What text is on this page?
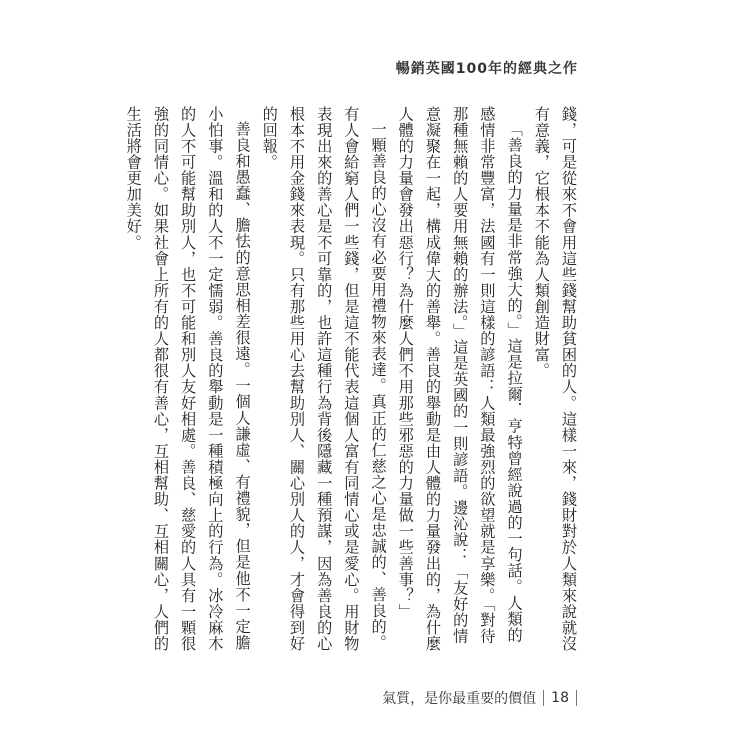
暢銷英國100年的經典之作

錢，可是從來不會用這些錢幫助貧困的人。這樣一來，錢財對於人類來說就沒有意義，它根本不能為人類創造財富。

「善良的力量是非常強大的。」這是拉爾．亨特曾經說過的一句話。人類的感情非常豐富，法國有一則這樣的諺語：人類最強烈的欲望就是享樂。「對待那種無賴的人要用無賴的辦法。」這是英國的一則諺語。邊沁說：「友好的情意凝聚在一起，構成偉大的善舉。善良的舉動是由人體的力量發出的，為什麼人體的力量會發出惡行？為什麼人們不用那些邪惡的力量做一些善事？」

一顆善良的心沒有必要用禮物來表達。真正的仁慈之心是忠誠的、善良的。有人會給窮人們一些錢，但是這不能代表這個人富有同情心或是愛心。用財物表現出來的善心是不可靠的，也許這種行為背後隱藏一種預謀，因為善良的心根本不用金錢來表現。只有那些用心去幫助別人、關心別人的人，才會得到好的回報。

善良和愚蠢、膽怯的意思相差很遠。一個人謙虛、有禮貌，但是他不一定膽小怕事。溫和的人不一定懦弱。善良的舉動是一種積極向上的行為。冰冷麻木的人不可能幫助別人，也不可能和別人友好相處。善良、慈愛的人具有一顆很強的同情心。如果社會上所有的人都很有善心，互相幫助、互相關心，人們的生活將會更加美好。

氣質，是你最重要的價值 18
